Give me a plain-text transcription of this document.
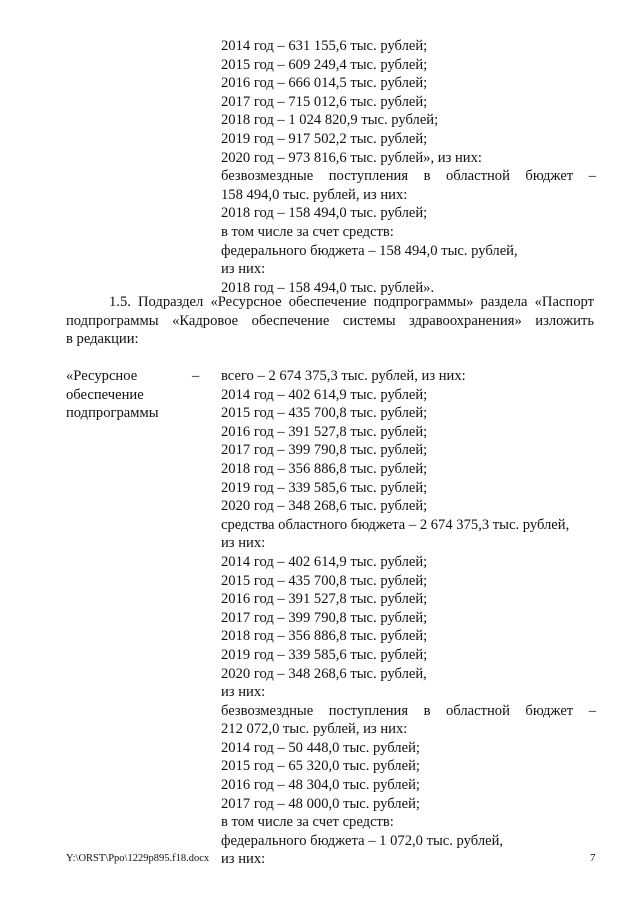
2014 год – 631 155,6 тыс. рублей;
2015 год – 609 249,4 тыс. рублей;
2016 год – 666 014,5 тыс. рублей;
2017 год – 715 012,6 тыс. рублей;
2018 год – 1 024 820,9 тыс. рублей;
2019 год – 917 502,2 тыс. рублей;
2020 год – 973 816,6 тыс. рублей», из них:
безвозмездные поступления в областной бюджет –
158 494,0 тыс. рублей, из них:
2018 год – 158 494,0 тыс. рублей;
в том числе за счет средств:
федерального бюджета – 158 494,0 тыс. рублей,
из них:
2018 год – 158 494,0 тыс. рублей».
1.5. Подраздел «Ресурсное обеспечение подпрограммы» раздела «Паспорт
подпрограммы «Кадровое обеспечение системы здравоохранения» изложить
в редакции:
«Ресурсное
обеспечение
подпрограммы
– всего – 2 674 375,3 тыс. рублей, из них:
2014 год – 402 614,9 тыс. рублей;
2015 год – 435 700,8 тыс. рублей;
2016 год – 391 527,8 тыс. рублей;
2017 год – 399 790,8 тыс. рублей;
2018 год – 356 886,8 тыс. рублей;
2019 год – 339 585,6 тыс. рублей;
2020 год – 348 268,6 тыс. рублей;
средства областного бюджета – 2 674 375,3 тыс. рублей,
из них:
2014 год – 402 614,9 тыс. рублей;
2015 год – 435 700,8 тыс. рублей;
2016 год – 391 527,8 тыс. рублей;
2017 год – 399 790,8 тыс. рублей;
2018 год – 356 886,8 тыс. рублей;
2019 год – 339 585,6 тыс. рублей;
2020 год – 348 268,6 тыс. рублей,
из них:
безвозмездные поступления в областной бюджет –
212 072,0 тыс. рублей, из них:
2014 год – 50 448,0 тыс. рублей;
2015 год – 65 320,0 тыс. рублей;
2016 год – 48 304,0 тыс. рублей;
2017 год – 48 000,0 тыс. рублей;
в том числе за счет средств:
федерального бюджета – 1 072,0 тыс. рублей,
из них:
Y:\ORST\Ppo\1229p895.f18.docx	7
